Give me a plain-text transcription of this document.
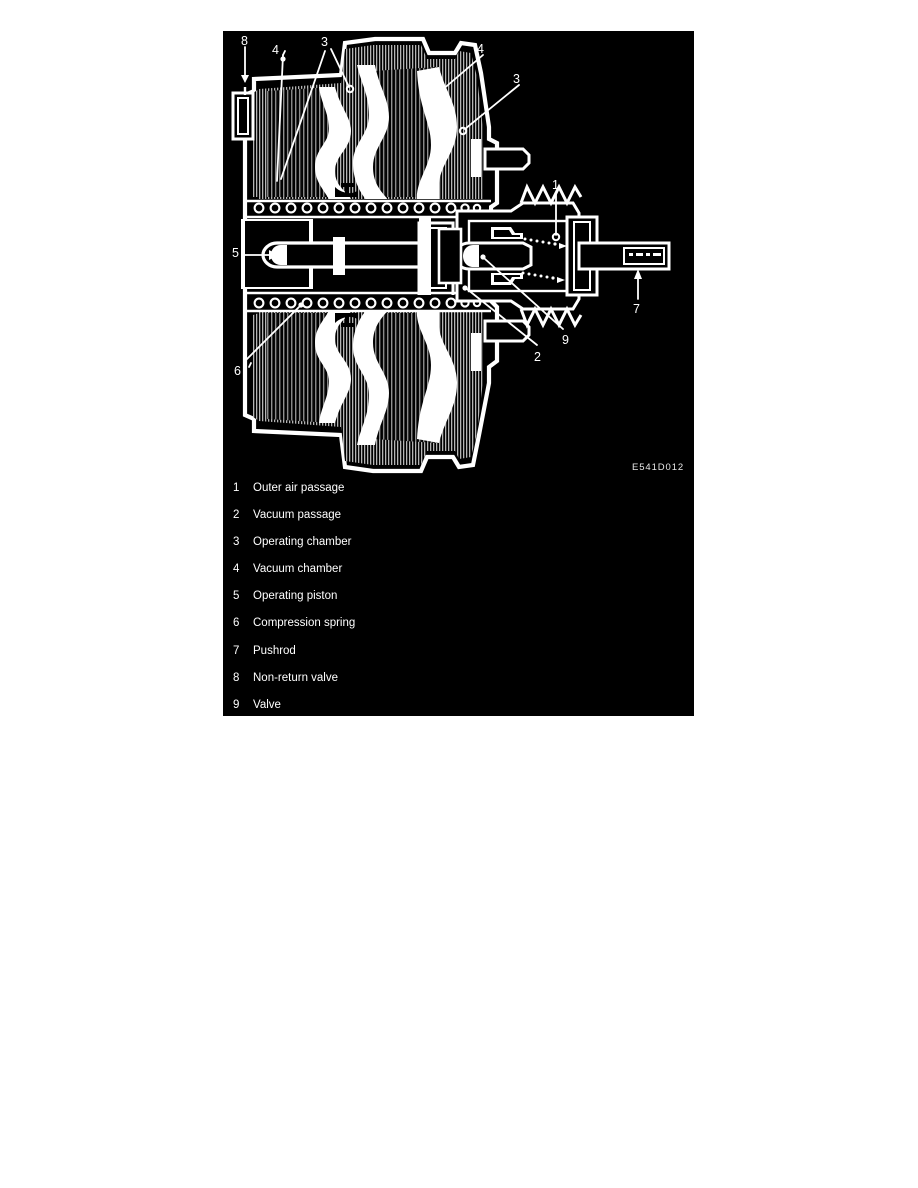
8
4
3	4
3
1
5
7
9
2
6
E541D012
1	Outer air passage
2	Vacuum passage
3	Operating chamber
4	Vacuum chamber
5	Operating piston
6	Compression spring
7	Pushrod
8	Non-return valve
9	Valve
